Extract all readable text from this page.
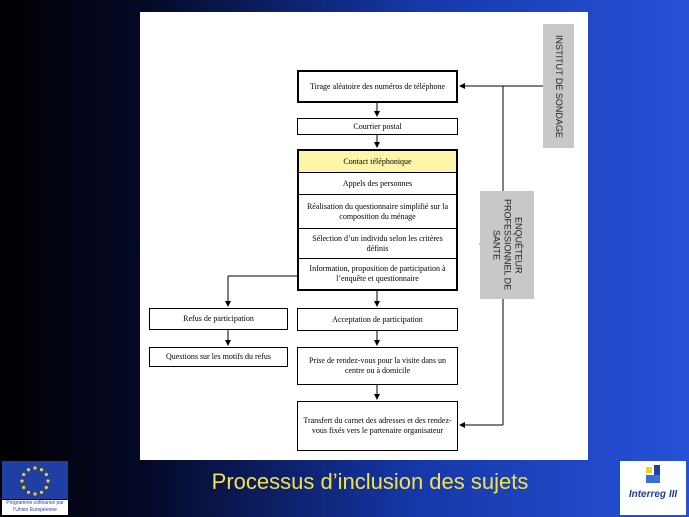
Tirage aléatoire des numéros de téléphone
Courrier postal
Contact téléphonique
Appels des personnes
Réalisation du questionnaire simplifié sur la composition du ménage
Sélection d’un individu selon les critères définis
Information, proposition de participation à l’enquête et questionnaire
Refus de participation
Questions sur les motifs du refus
Acceptation de participation
Prise de rendez-vous pour la visite dans un centre ou à domicile
Transfert du carnet des adresses et des rendez-vous fixés vers le partenaire organisateur
INSTITUT DE SONDAGE
ENQUÊTEUR PROFESSIONNEL DE SANTE
Processus d’inclusion des sujets
Programme cofinancé par l’Union Européenne
Interreg III
